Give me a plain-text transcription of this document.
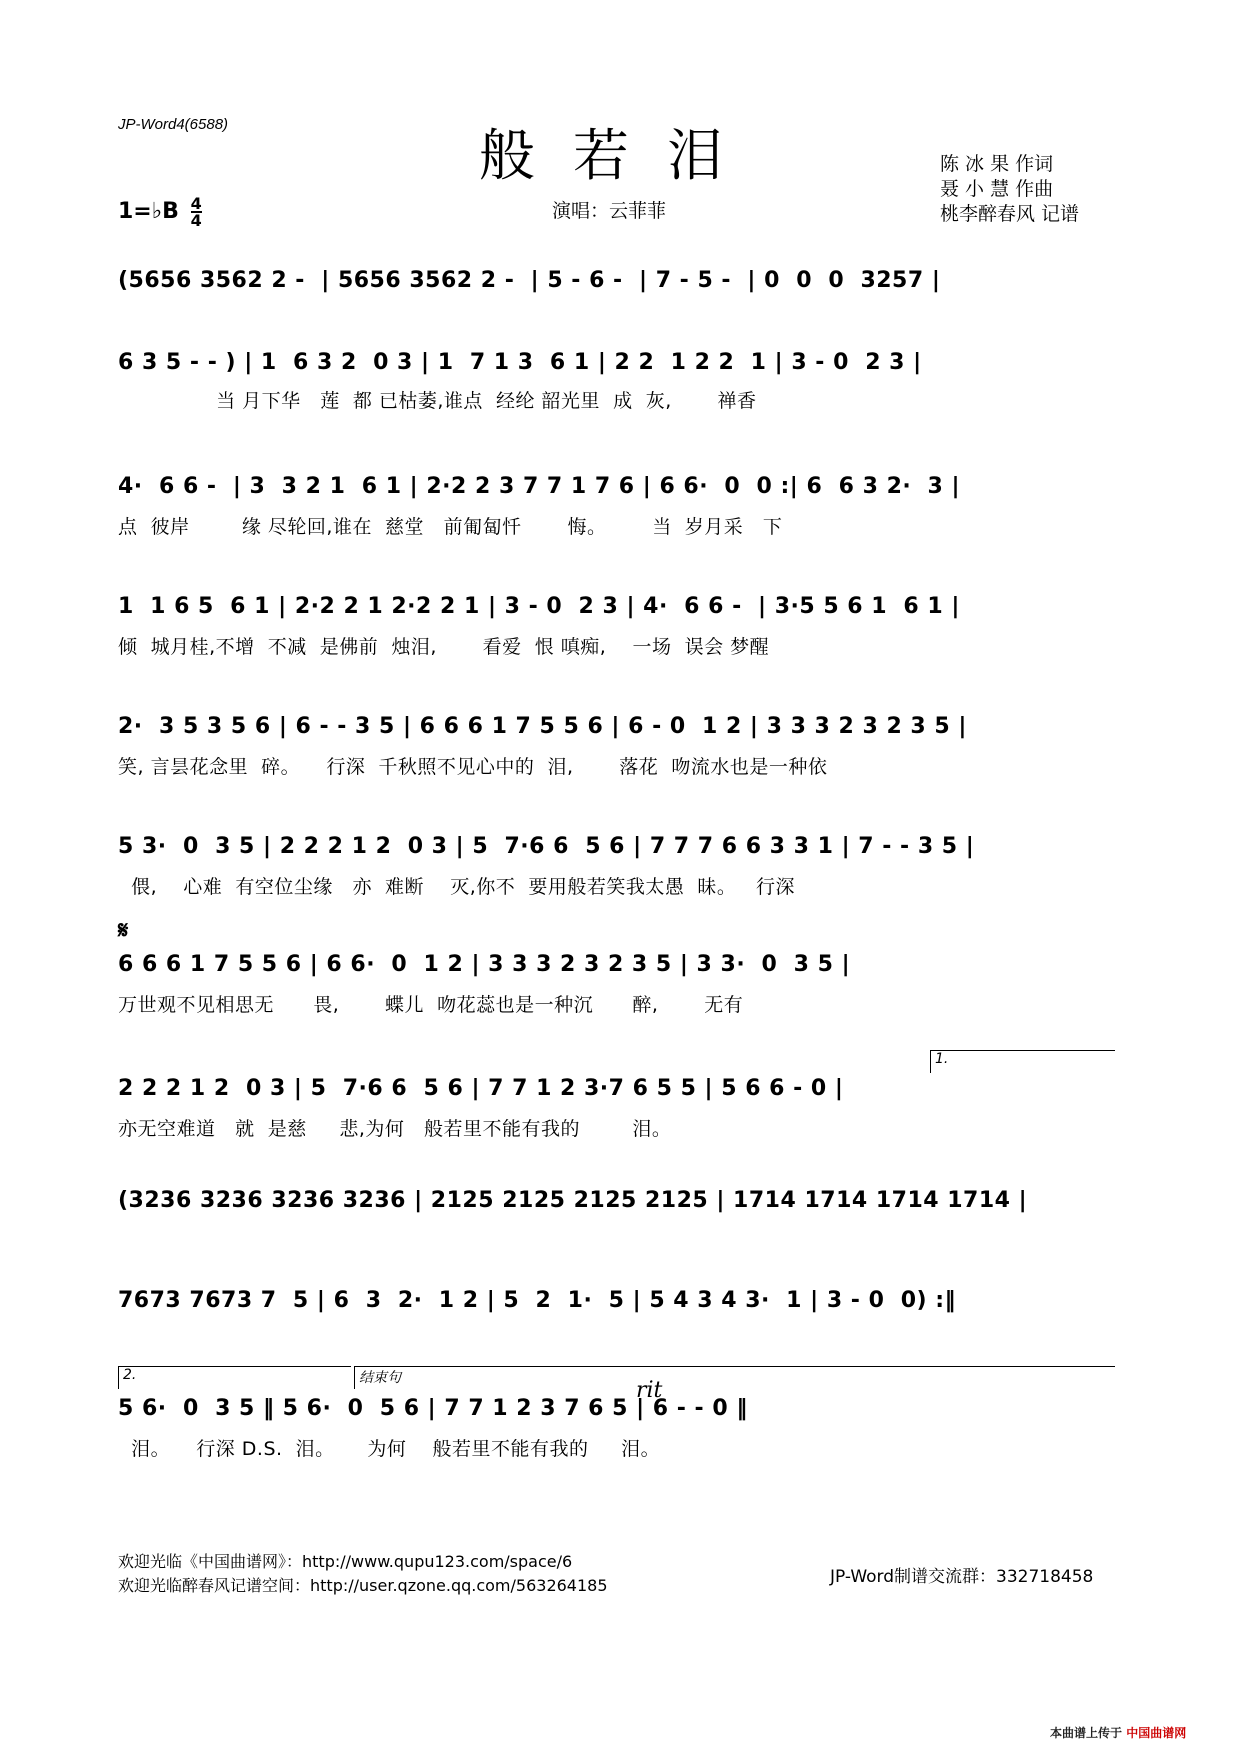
JP-Word4(6588)	般若泪
演唱：云菲菲
陈 冰 果 作词
聂 小 慧 作曲
桃李醉春风 记谱
1=♭B $\frac{4}{4}$
(5656 3562 2 -  | 5656 3562 2 -  | 5 - 6 -  | 7 - 5 -  | 0  0  0  3257 |
6 3 5 - - ) | 1  6 3 2  0 3 | 1  7 1 3  6 1 | 2 2  1 2 2  1 | 3 - 0  2 3 |
当 月下华   莲  都 已枯萎,谁点  经纶 韶光里  成  灰,       禅香
4·  6 6 -  | 3  3 2 1  6 1 | 2·2 2 3 7 7 1 7 6 | 6 6·  0  0 :| 6  6 3 2·  3 |
点  彼岸        缘 尽轮回,谁在  慈堂   前匍匐忏       悔。       当  岁月采   下
1  1 6 5  6 1 | 2·2 2 1 2·2 2 1 | 3 - 0  2 3 | 4·  6 6 -  | 3·5 5 6 1  6 1 |
倾  城月桂,不增  不减  是佛前  烛泪,       看爱  恨 嗔痴,    一场  误会 梦醒
2·  3 5 3 5 6 | 6 - - 3 5 | 6 6 6 1 7 5 5 6 | 6 - 0  1 2 | 3 3 3 2 3 2 3 5 |
笑, 言昙花念里  碎。    行深  千秋照不见心中的  泪,       落花  吻流水也是一种依
5 3·  0  3 5 | 2 2 2 1 2  0 3 | 5  7·6 6  5 6 | 7 7 7 6 6 3 3 1 | 7 - - 3 5 |
偎,    心难  有空位尘缘   亦  难断    灭,你不  要用般若笑我太愚  昧。   行深
𝄋
6 6 6 1 7 5 5 6 | 6 6·  0  1 2 | 3 3 3 2 3 2 3 5 | 3 3·  0  3 5 |
万世观不见相思无      畏,       蝶儿  吻花蕊也是一种沉      醉,       无有
1.
2 2 2 1 2  0 3 | 5  7·6 6  5 6 | 7 7 1 2 3·7 6 5 5 | 5 6 6 - 0 |
亦无空难道   就  是慈     悲,为何   般若里不能有我的        泪。
(3236 3236 3236 3236 | 2125 2125 2125 2125 | 1714 1714 1714 1714 |
7673 7673 7  5 | 6  3  2·  1 2 | 5  2  1·  5 | 5 4 3 4 3·  1 | 3 - 0  0) :‖
2.	结束句	rit
5 6·  0  3 5 ‖ 5 6·  0  5 6 | 7 7 1 2 3 7 6 5 | 6 - - 0 ‖
泪。    行深 D.S.  泪。     为何    般若里不能有我的     泪。
欢迎光临《中国曲谱网》：http://www.qupu123.com/space/6
欢迎光临醉春风记谱空间：http://user.qzone.qq.com/563264185	JP-Word制谱交流群：332718458
本曲谱上传于 中国曲谱网
